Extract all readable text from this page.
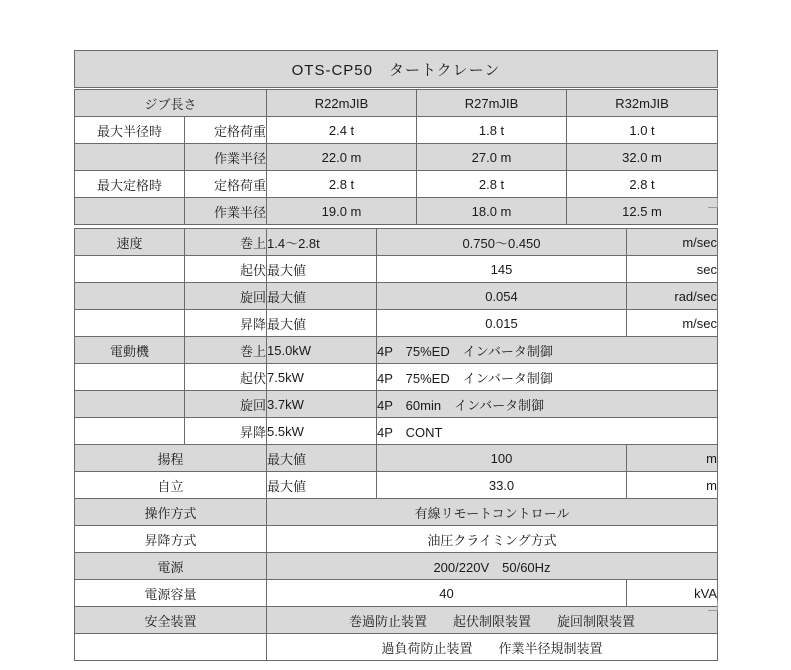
OTS-CP50　タートクレーン
ジブ長さ		R22mJIB	R27mJIB	R32mJIB
最大半径時	定格荷重	2.4 t	1.8 t	1.0 t
	作業半径	22.0 m	27.0 m	32.0 m
最大定格時	定格荷重	2.8 t	2.8 t	2.8 t
	作業半径	19.0 m	18.0 m	12.5 m
速度	巻上	1.4〜2.8t	0.750〜0.450	m/sec
	起伏	最大値	145	sec
	旋回	最大値	0.054	rad/sec
	昇降	最大値	0.015	m/sec
電動機	巻上	15.0kW	4P　75%ED　インバータ制御	
	起伏	7.5kW	4P　75%ED　インバータ制御	
	旋回	3.7kW	4P　60min　インバータ制御	
	昇降	5.5kW	4P　CONT	
揚程		最大値	100	m
自立		最大値	33.0	m
操作方式		有線リモートコントロール		
昇降方式		油圧クライミング方式		
電源		200/220V　50/60Hz		
電源容量		40		kVA
安全装置		巻過防止装置　　起伏制限装置　　旋回制限装置		
		過負荷防止装置　　作業半径規制装置		
